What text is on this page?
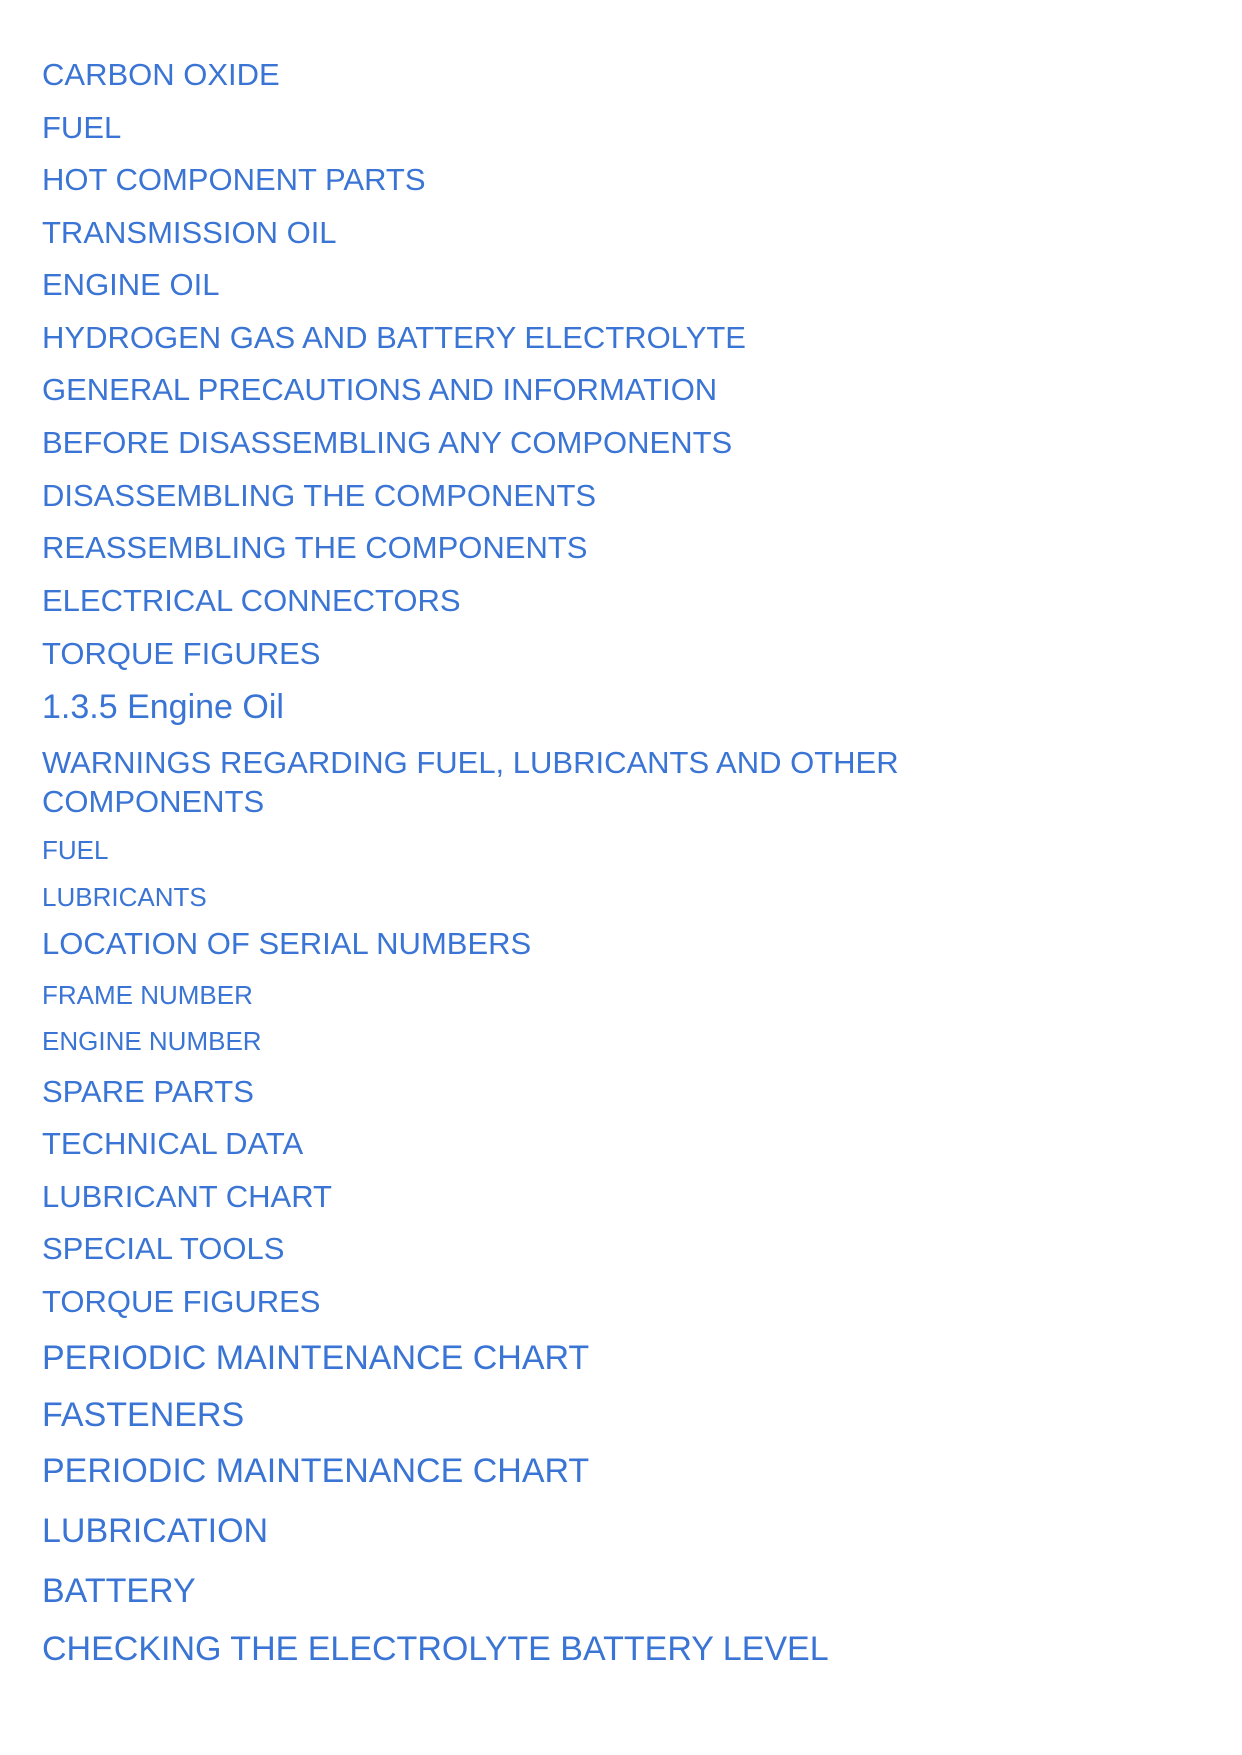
CARBON OXIDE
FUEL
HOT COMPONENT PARTS
TRANSMISSION OIL
ENGINE OIL
HYDROGEN GAS AND BATTERY ELECTROLYTE
GENERAL PRECAUTIONS AND INFORMATION
BEFORE DISASSEMBLING ANY COMPONENTS
DISASSEMBLING THE COMPONENTS
REASSEMBLING THE COMPONENTS
ELECTRICAL CONNECTORS
TORQUE FIGURES
1.3.5 Engine Oil
WARNINGS REGARDING FUEL, LUBRICANTS AND OTHER COMPONENTS
FUEL
LUBRICANTS
LOCATION OF SERIAL NUMBERS
FRAME NUMBER
ENGINE NUMBER
SPARE PARTS
TECHNICAL DATA
LUBRICANT CHART
SPECIAL TOOLS
TORQUE FIGURES
PERIODIC MAINTENANCE CHART
FASTENERS
PERIODIC MAINTENANCE CHART
LUBRICATION
BATTERY
CHECKING THE ELECTROLYTE BATTERY LEVEL
